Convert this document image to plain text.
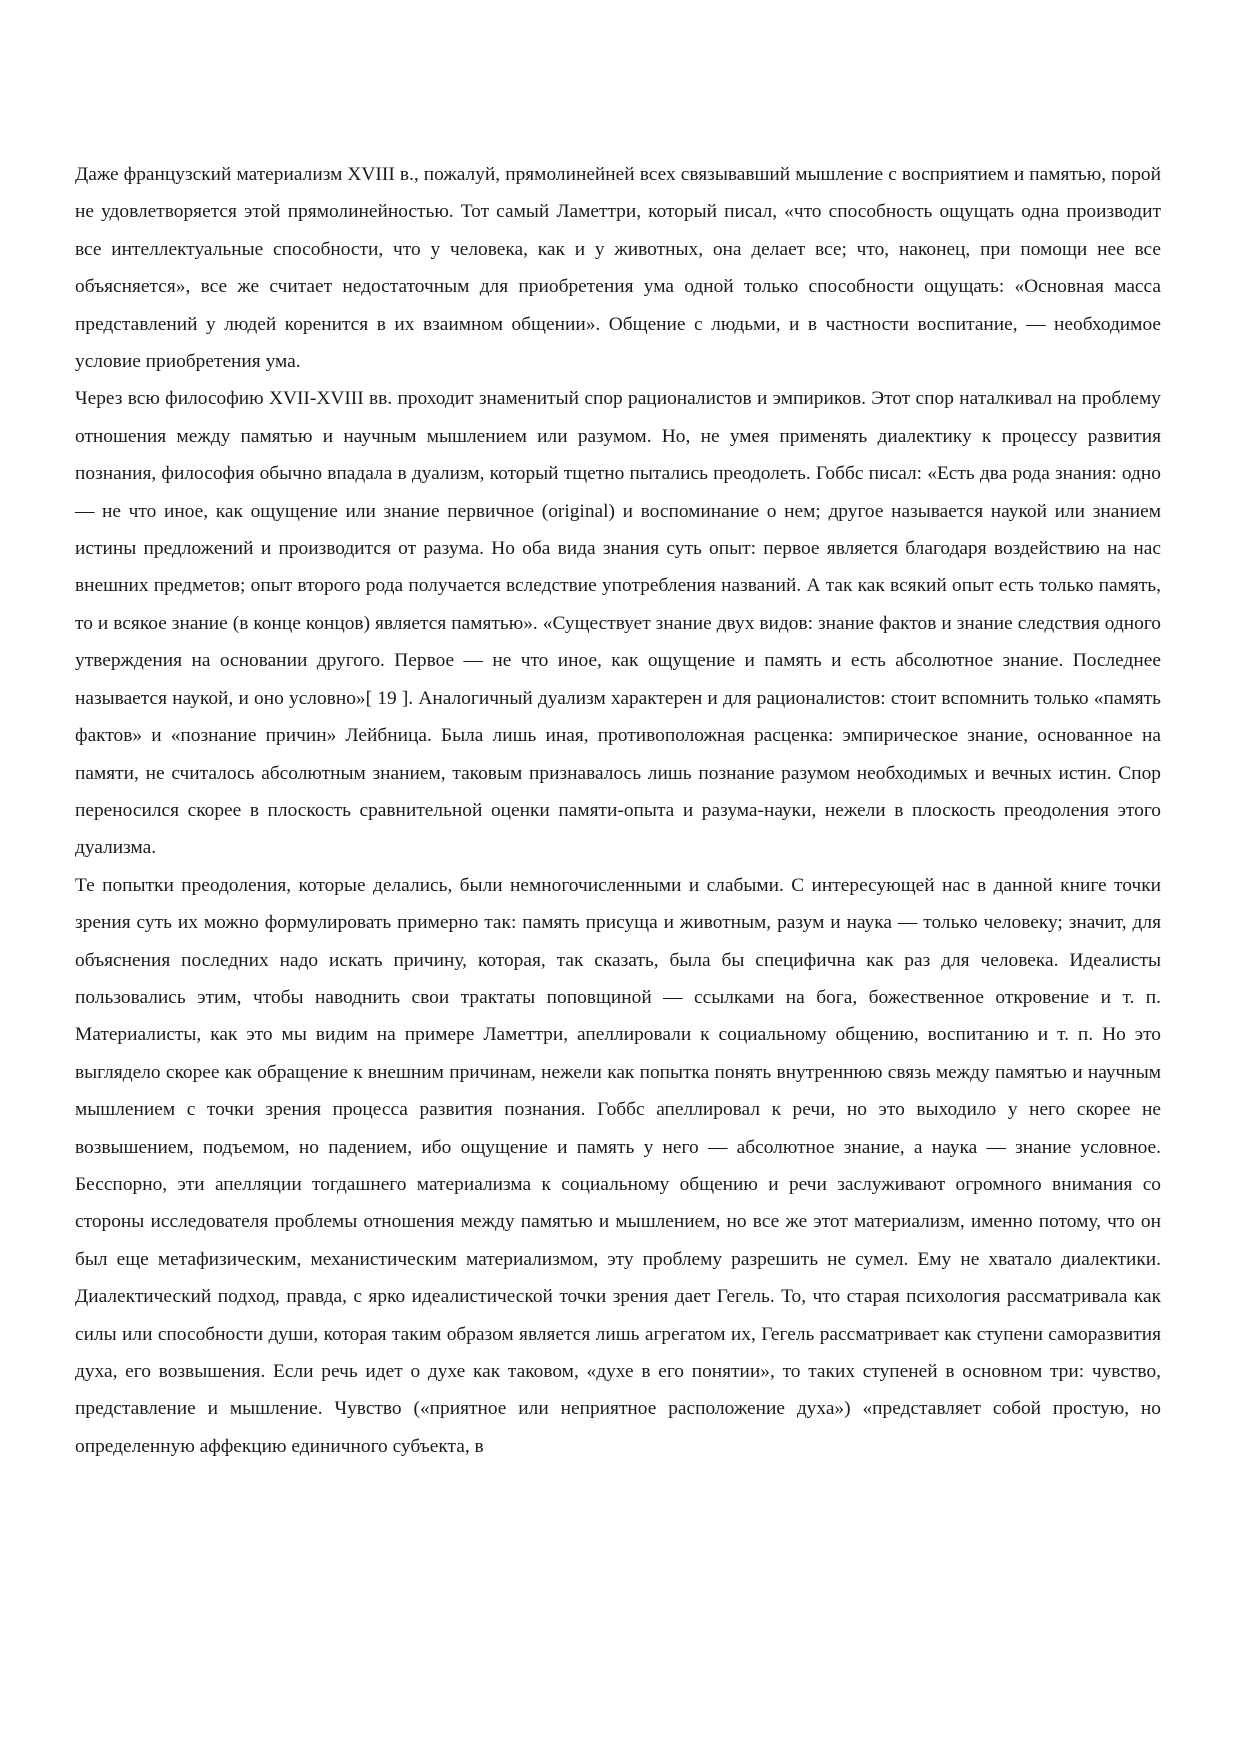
Даже французский материализм XVIII в., пожалуй, прямолинейней всех связывавший мышление с восприятием и памятью, порой не удовлетворяется этой прямолинейностью. Тот самый Ламеттри, который писал, «что способность ощущать одна производит все интеллектуальные способности, что у человека, как и у животных, она делает все; что, наконец, при помощи нее все объясняется», все же считает недостаточным для приобретения ума одной только способности ощущать: «Основная масса представлений у людей коренится в их взаимном общении». Общение с людьми, и в частности воспитание, — необходимое условие приобретения ума.

Через всю философию XVII-XVIII вв. проходит знаменитый спор рационалистов и эмпириков. Этот спор наталкивал на проблему отношения между памятью и научным мышлением или разумом. Но, не умея применять диалектику к процессу развития познания, философия обычно впадала в дуализм, который тщетно пытались преодолеть. Гоббс писал: «Есть два рода знания: одно — не что иное, как ощущение или знание первичное (original) и воспоминание о нем; другое называется наукой или знанием истины предложений и производится от разума. Но оба вида знания суть опыт: первое является благодаря воздействию на нас внешних предметов; опыт второго рода получается вследствие употребления названий. А так как всякий опыт есть только память, то и всякое знание (в конце концов) является памятью». «Существует знание двух видов: знание фактов и знание следствия одного утверждения на основании другого. Первое — не что иное, как ощущение и память и есть абсолютное знание. Последнее называется наукой, и оно условно»[ 19 ]. Аналогичный дуализм характерен и для рационалистов: стоит вспомнить только «память фактов» и «познание причин» Лейбница. Была лишь иная, противоположная расценка: эмпирическое знание, основанное на памяти, не считалось абсолютным знанием, таковым признавалось лишь познание разумом необходимых и вечных истин. Спор переносился скорее в плоскость сравнительной оценки памяти-опыта и разума-науки, нежели в плоскость преодоления этого дуализма.

Те попытки преодоления, которые делались, были немногочисленными и слабыми. С интересующей нас в данной книге точки зрения суть их можно формулировать примерно так: память присуща и животным, разум и наука — только человеку; значит, для объяснения последних надо искать причину, которая, так сказать, была бы специфична как раз для человека. Идеалисты пользовались этим, чтобы наводнить свои трактаты поповщиной — ссылками на бога, божественное откровение и т. п. Материалисты, как это мы видим на примере Ламеттри, апеллировали к социальному общению, воспитанию и т. п. Но это выглядело скорее как обращение к внешним причинам, нежели как попытка понять внутреннюю связь между памятью и научным мышлением с точки зрения процесса развития познания. Гоббс апеллировал к речи, но это выходило у него скорее не возвышением, подъемом, но падением, ибо ощущение и память у него — абсолютное знание, а наука — знание условное. Бесспорно, эти апелляции тогдашнего материализма к социальному общению и речи заслуживают огромного внимания со стороны исследователя проблемы отношения между памятью и мышлением, но все же этот материализм, именно потому, что он был еще метафизическим, механистическим материализмом, эту проблему разрешить не сумел. Ему не хватало диалектики. Диалектический подход, правда, с ярко идеалистической точки зрения дает Гегель. То, что старая психология рассматривала как силы или способности души, которая таким образом является лишь агрегатом их, Гегель рассматривает как ступени саморазвития духа, его возвышения. Если речь идет о духе как таковом, «духе в его понятии», то таких ступеней в основном три: чувство, представление и мышление. Чувство («приятное или неприятное расположение духа») «представляет собой простую, но определенную аффекцию единичного субъекта, в
